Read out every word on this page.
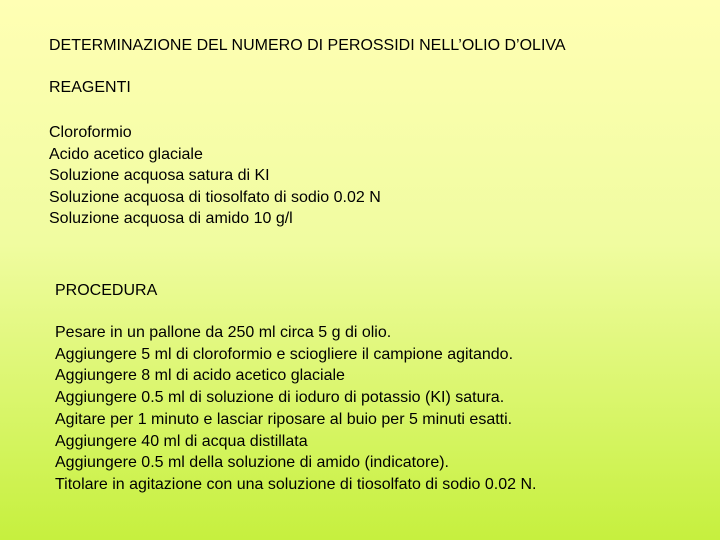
DETERMINAZIONE DEL NUMERO DI PEROSSIDI NELL’OLIO D’OLIVA
REAGENTI
Cloroformio
Acido acetico glaciale
Soluzione acquosa satura di KI
Soluzione acquosa di tiosolfato di sodio 0.02 N
Soluzione acquosa di amido 10 g/l
PROCEDURA
Pesare in un pallone da 250 ml circa 5 g di olio.
Aggiungere 5 ml di cloroformio e sciogliere il campione agitando.
Aggiungere 8 ml di acido acetico glaciale
Aggiungere 0.5 ml di soluzione di ioduro di potassio (KI) satura.
Agitare per 1 minuto e lasciar riposare al buio per 5 minuti esatti.
Aggiungere 40 ml di acqua distillata
Aggiungere 0.5 ml della soluzione di amido (indicatore).
Titolare in agitazione con una soluzione di tiosolfato di sodio 0.02 N.
